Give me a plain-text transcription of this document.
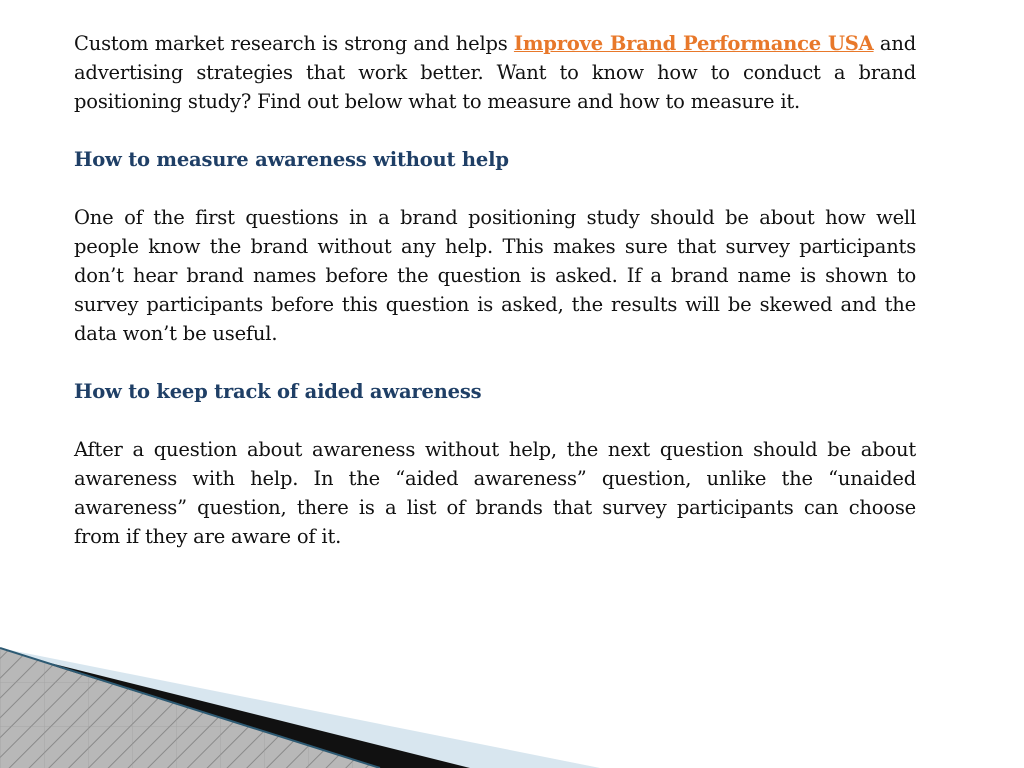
Custom market research is strong and helps Improve Brand Performance USA and advertising strategies that work better. Want to know how to conduct a brand positioning study? Find out below what to measure and how to measure it.

How to measure awareness without help

One of the first questions in a brand positioning study should be about how well people know the brand without any help. This makes sure that survey participants don’t hear brand names before the question is asked. If a brand name is shown to survey participants before this question is asked, the results will be skewed and the data won’t be useful.

How to keep track of aided awareness

After a question about awareness without help, the next question should be about awareness with help. In the “aided awareness” question, unlike the “unaided awareness” question, there is a list of brands that survey participants can choose from if they are aware of it.
